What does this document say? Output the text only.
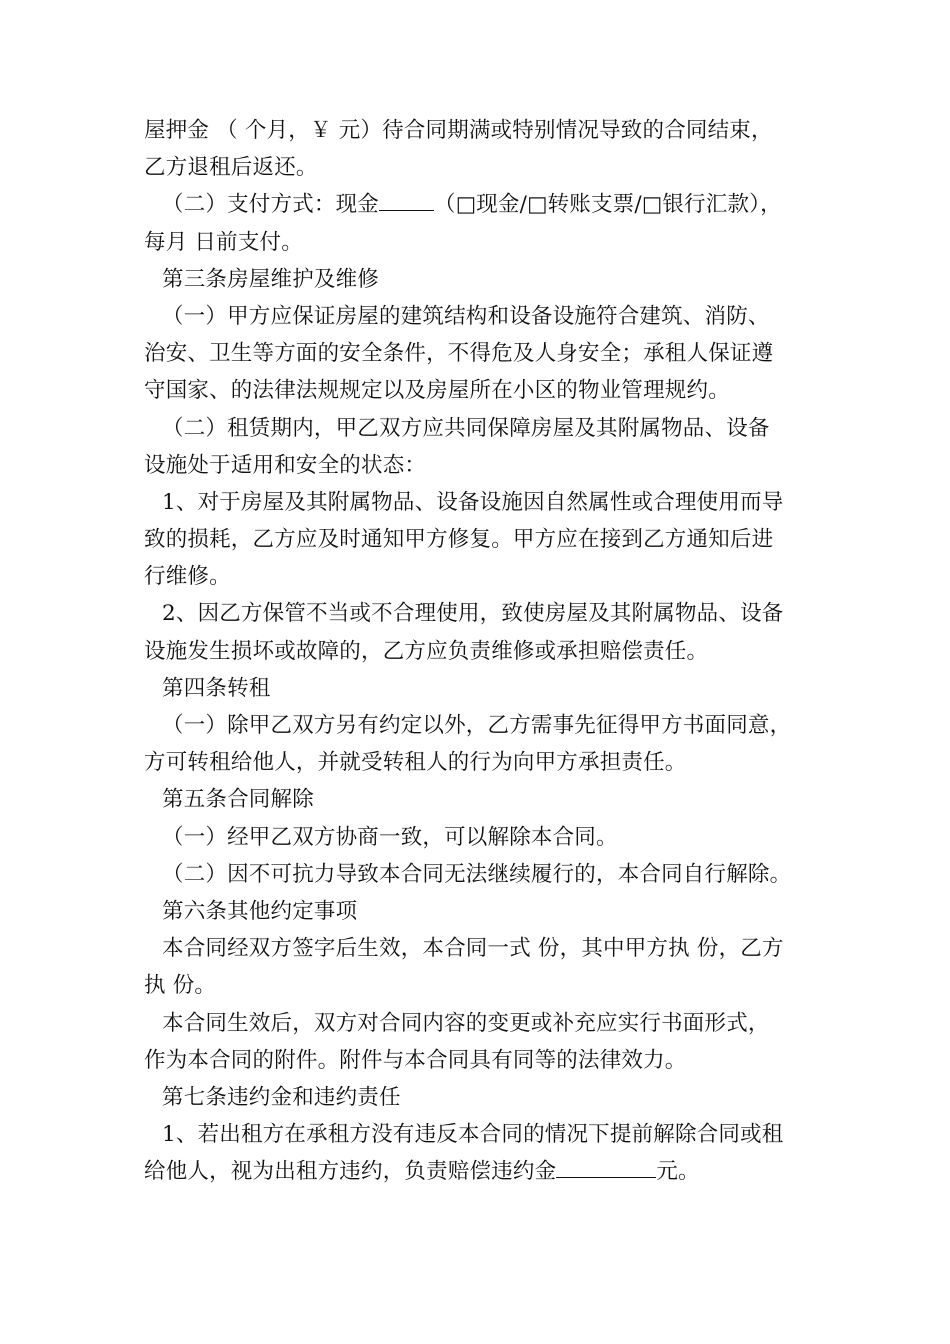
屋押金 （ 个月，￥ 元）待合同期满或特别情况导致的合同结束，
乙方退租后返还。
（二）支付方式：现金	（□现金/□转账支票/□银行汇款），
每月 日前支付。
第三条房屋维护及维修
（一）甲方应保证房屋的建筑结构和设备设施符合建筑、消防、
治安、卫生等方面的安全条件，不得危及人身安全；承租人保证遵
守国家、的法律法规规定以及房屋所在小区的物业管理规约。
（二）租赁期内，甲乙双方应共同保障房屋及其附属物品、设备
设施处于适用和安全的状态：
1、对于房屋及其附属物品、设备设施因自然属性或合理使用而导
致的损耗，乙方应及时通知甲方修复。甲方应在接到乙方通知后进
行维修。
2、因乙方保管不当或不合理使用，致使房屋及其附属物品、设备
设施发生损坏或故障的，乙方应负责维修或承担赔偿责任。
第四条转租
（一）除甲乙双方另有约定以外，乙方需事先征得甲方书面同意，
方可转租给他人，并就受转租人的行为向甲方承担责任。
第五条合同解除
（一）经甲乙双方协商一致，可以解除本合同。
（二）因不可抗力导致本合同无法继续履行的，本合同自行解除。
第六条其他约定事项
本合同经双方签字后生效，本合同一式 份，其中甲方执 份，乙方
执 份。
本合同生效后，双方对合同内容的变更或补充应实行书面形式，
作为本合同的附件。附件与本合同具有同等的法律效力。
第七条违约金和违约责任
1、若出租方在承租方没有违反本合同的情况下提前解除合同或租
给他人，视为出租方违约，负责赔偿违约金	元。
